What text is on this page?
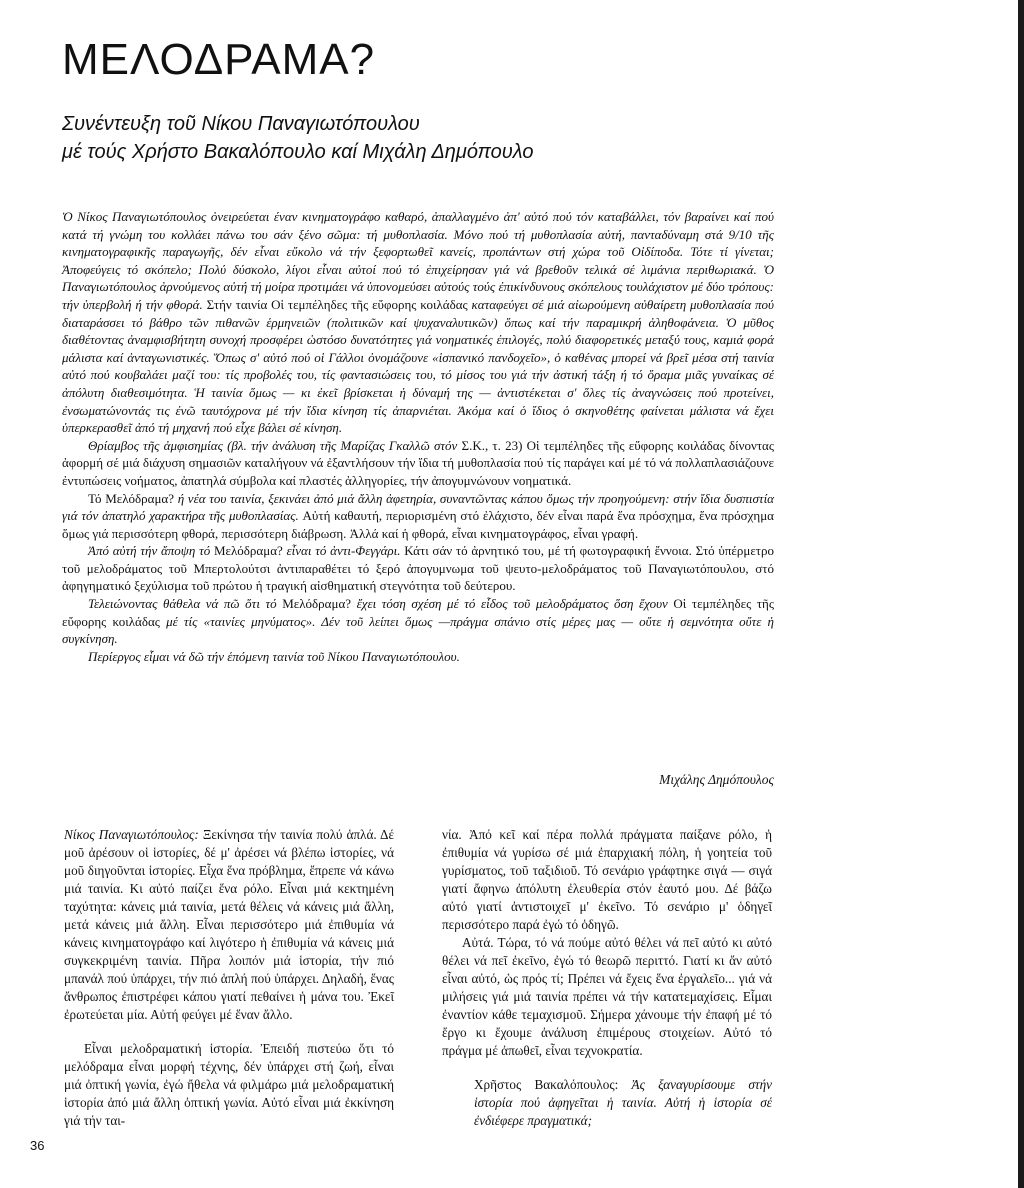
ΜΕΛΟΔΡΑΜΑ?
Συνέντευξη τοῦ Νίκου Παναγιωτόπουλου
μέ τούς Χρήστο Βακαλόπουλο καί Μιχάλη Δημόπουλο

Ὁ Νίκος Παναγιωτόπουλος ὀνειρεύεται έναν κινηματογράφο καθαρό, ἀπαλλαγμένο ἀπ' αὐτό πού τόν καταβάλλει, τόν βαραίνει καί πού κατά τή γνώμη του κολλάει πάνω του σάν ξένο σῶμα: τή μυθοπλασία. Μόνο πού τή μυθοπλασία αὐτή, πανταδύναμη στά 9/10 τῆς κινηματογραφικῆς παραγωγῆς, δέν εἶναι εὔκολο νά τήν ξεφορτωθεῖ κανείς, προπάντων στή χώρα τοῦ Οἰδίποδα. Τότε τί γίνεται; Ἀποφεύγεις τό σκόπελο; Πολύ δύσκολο, λίγοι εἶναι αὐτοί πού τό ἐπιχείρησαν γιά νά βρεθοῦν τελικά σέ λιμάνια περιθωριακά. Ὁ Παναγιωτόπουλος ἀρνούμενος αὐτή τή μοίρα προτιμάει νά ὑπονομεύσει αὐτούς τούς ἐπικίνδυνους σκόπελους τουλάχιστον μέ δύο τρόπους: τήν ὑπερβολή ή τήν φθορά. Στήν ταινία Οἱ τεμπέληδες τῆς εὔφορης κοιλάδας καταφεύγει σέ μιά αἰωρούμενη αὐθαίρετη μυθοπλασία πού διαταράσσει τό βάθρο τῶν πιθανῶν ἑρμηνειῶν (πολιτικῶν καί ψυχαναλυτικῶν) ὅπως καί τήν παραμικρή ἀληθοφάνεια. Ὁ μῦθος διαθέτοντας ἀναμφισβήτητη συνοχή προσφέρει ὡστόσο δυνατότητες γιά νοηματικές ἐπιλογές, πολύ διαφορετικές μεταξύ τους, καμιά φορά μάλιστα καί ἀνταγωνιστικές. Ὅπως σ' αὐτό πού οἱ Γάλλοι ὀνομάζουνε «ἱσπανικό πανδοχεῖο», ὁ καθένας μπορεί νά βρεῖ μέσα στή ταινία αὐτό πού κουβαλάει μαζί του: τίς προβολές του, τίς φαντασιώσεις του, τό μίσος του γιά τήν ἀστική τάξη ή τό ὅραμα μιᾶς γυναίκας σέ ἀπόλυτη διαθεσιμότητα. Ἡ ταινία ὅμως — κι ἐκεῖ βρίσκεται ἡ δύναμή της — ἀντιστέκεται σ' ὅλες τίς ἀναγνώσεις πού προτείνει, ἐνσωματώνοντάς τις ἐνῶ ταυτόχρονα μέ τήν ἴδια κίνηση τίς ἀπαρνιέται. Ἀκόμα καί ὁ ἴδιος ὁ σκηνοθέτης φαίνεται μάλιστα νά ἔχει ὑπερκερασθεῖ ἀπό τή μηχανή πού εἶχε βάλει σέ κίνηση.

Θρίαμβος τῆς ἀμφισημίας (βλ. τήν ἀνάλυση τῆς Μαρίζας Γκαλλῶ στόν Σ.Κ., τ. 23) Οἱ τεμπέληδες τῆς εὔφορης κοιλάδας δίνοντας ἀφορμή σέ μιά διάχυση σημασιῶν καταλήγουν νά ἐξαντλήσουν τήν ἴδια τή μυθοπλασία πού τίς παράγει καί μέ τό νά πολλαπλασιάζουνε ἐντυπώσεις νοήματος, ἀπατηλά σύμβολα καί πλαστές ἀλληγορίες, τήν ἀπογυμνώνουν νοηματικά.

Τό Μελόδραμα? ή νέα του ταινία, ξεκινάει ἀπό μιά ἄλλη ἀφετηρία, συναντῶντας κάπου ὅμως τήν προηγούμενη: στήν ἴδια δυσπιστία γιά τόν ἀπατηλό χαρακτήρα τῆς μυθοπλασίας. Αὐτή καθαυτή, περιορισμένη στό ἐλάχιστο, δέν εἶναι παρά ἕνα πρόσχημα, ἕνα πρόσχημα ὅμως γιά περισσότερη φθορά, περισσότερη διάβρωση. Ἀλλά καί ἡ φθορά, εἶναι κινηματογράφος, εἶναι γραφή.

Ἀπό αὐτή τήν ἄποψη τό Μελόδραμα? εἶναι τό ἀντι-Φεγγάρι. Κάτι σάν τό ἀρνητικό του, μέ τή φωτογραφική ἔννοια. Στό ὑπέρμετρο τοῦ μελοδράματος τοῦ Μπερτολούτσι ἀντιπαραθέτει τό ξερό ἀπογυμνωμα τοῦ ψευτο-μελοδράματος τοῦ Παναγιωτόπουλου, στό ἀφηγηματικό ξεχύλισμα τοῦ πρώτου ἡ τραγική αἰσθηματική στεγνότητα τοῦ δεύτερου.

Τελειώνοντας θάθελα νά πῶ ὅτι τό Μελόδραμα? ἔχει τόση σχέση μέ τό εἶδος τοῦ μελοδράματος ὅση ἔχουν Οἱ τεμπέληδες τῆς εὔφορης κοιλάδας μέ τίς «ταινίες μηνύματος». Δέν τοῦ λείπει ὅμως —πράγμα σπάνιο στίς μέρες μας — οὔτε ἡ σεμνότητα οὔτε ἡ συγκίνηση.

Περίεργος εἶμαι νά δῶ τήν ἑπόμενη ταινία τοῦ Νίκου Παναγιωτόπουλου.

Μιχάλης Δημόπουλος

Νίκος Παναγιωτόπουλος: Ξεκίνησα τήν ταινία πολύ ἁπλά. Δέ μοῦ ἀρέσουν οἱ ἱστορίες, δέ μ' ἀρέσει νά βλέπω ἱστορίες, νά μοῦ διηγοῦνται ἱστορίες. Εἶχα ἕνα πρόβλημα, ἔπρεπε νά κάνω μιά ταινία. Κι αὐτό παίζει ἕνα ρόλο. Εἶναι μιά κεκτημένη ταχύτητα: κάνεις μιά ταινία, μετά θέλεις νά κάνεις μιά ἄλλη, μετά κάνεις μιά ἄλλη. Εἶναι περισσότερο μιά ἐπιθυμία νά κάνεις κινηματογράφο καί λιγότερο ἡ ἐπιθυμία νά κάνεις μιά συγκεκριμένη ταινία. Πῆρα λοιπόν μιά ἱστορία, τήν πιό μπανάλ πού ὑπάρχει, τήν πιό ἁπλή πού ὑπάρχει. Δηλαδή, ἕνας ἄνθρωπος ἐπιστρέφει κάπου γιατί πεθαίνει ἡ μάνα του. Ἐκεῖ ἐρωτεύεται μία. Αὐτή φεύγει μέ ἕναν ἄλλο.

Εἶναι μελοδραματική ἱστορία. Ἐπειδή πιστεύω ὅτι τό μελόδραμα εἶναι μορφή τέχνης, δέν ὑπάρχει στή ζωή, εἶναι μιά ὀπτική γωνία, ἐγώ ἤθελα νά φιλμάρω μιά μελοδραματική ἱστορία ἀπό μιά ἄλλη ὀπτική γωνία. Αὐτό εἶναι μιά ἐκκίνηση γιά τήν ται-

νία. Ἀπό κεῖ καί πέρα πολλά πράγματα παίξανε ρόλο, ἡ ἐπιθυμία νά γυρίσω σέ μιά ἐπαρχιακή πόλη, ἡ γοητεία τοῦ γυρίσματος, τοῦ ταξιδιοῦ. Τό σενάριο γράφτηκε σιγά — σιγά γιατί ἄφηνω ἀπόλυτη ἐλευθερία στόν ἑαυτό μου. Δέ βάζω αὐτό γιατί ἀντιστοιχεῖ μ' ἐκεῖνο. Τό σενάριο μ' ὁδηγεῖ περισσότερο παρά ἐγώ τό ὁδηγῶ.

Αὐτά. Τώρα, τό νά πούμε αὐτό θέλει νά πεῖ αὐτό κι αὐτό θέλει νά πεῖ ἐκεῖνο, ἐγώ τό θεωρῶ περιττό. Γιατί κι ἄν αὐτό εἶναι αὐτό, ὡς πρός τί; Πρέπει νά ἔχεις ἕνα ἐργαλεῖο... γιά νά μιλήσεις γιά μιά ταινία πρέπει νά τήν κατατεμαχίσεις. Εἶμαι ἐναντίον κάθε τεμαχισμοῦ. Σήμερα χάνουμε τήν ἐπαφή μέ τό ἔργο κι ἔχουμε ἀνάλυση ἐπιμέρους στοιχείων. Αὐτό τό πράγμα μέ ἀπωθεῖ, εἶναι τεχνοκρατία.

Χρῆστος Βακαλόπουλος: Ἀς ξαναγυρίσουμε στήν ἱστορία πού ἀφηγεῖται ἡ ταινία. Αὐτή ἡ ἱστορία σέ ἐνδιέφερε πραγματικά;

36
